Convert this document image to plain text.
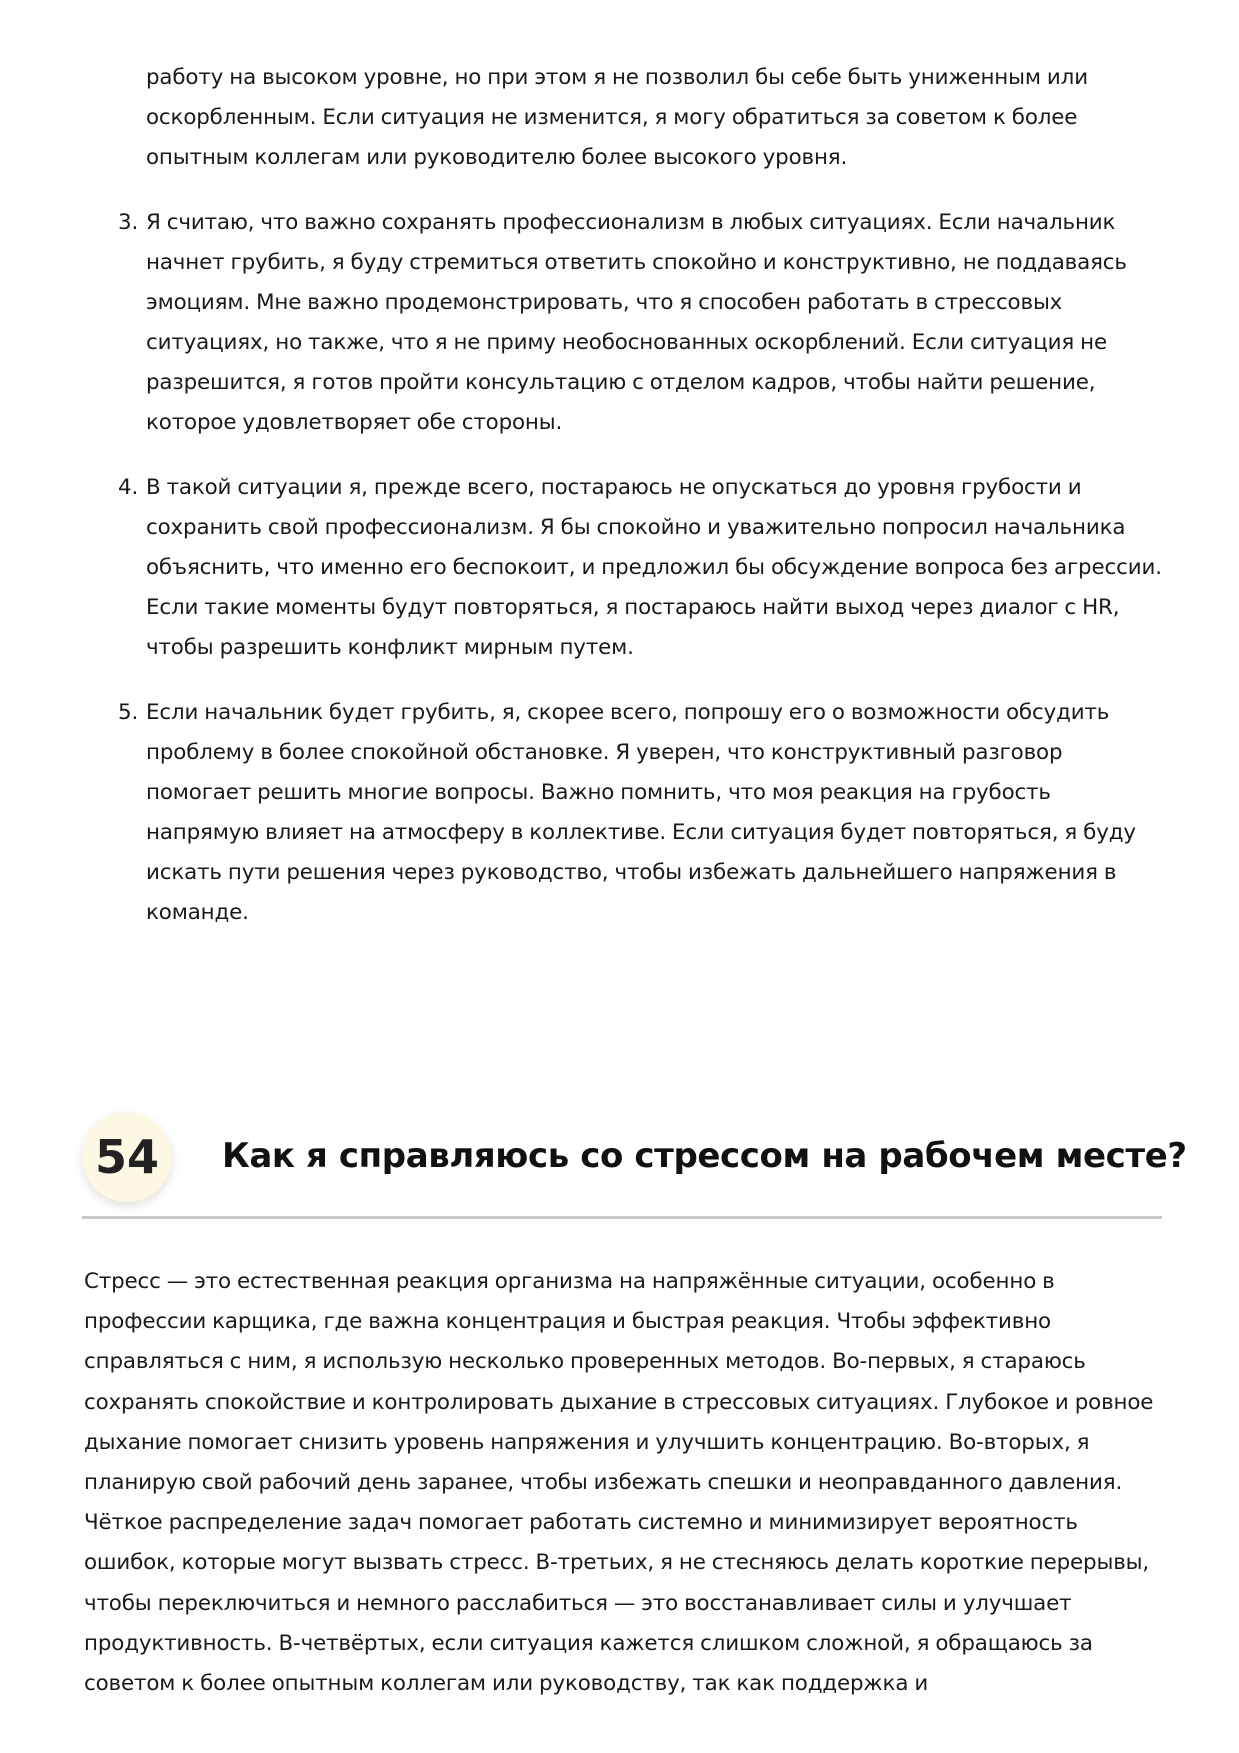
работу на высоком уровне, но при этом я не позволил бы себе быть униженным или оскорбленным. Если ситуация не изменится, я могу обратиться за советом к более опытным коллегам или руководителю более высокого уровня.
3. Я считаю, что важно сохранять профессионализм в любых ситуациях. Если начальник начнет грубить, я буду стремиться ответить спокойно и конструктивно, не поддаваясь эмоциям. Мне важно продемонстрировать, что я способен работать в стрессовых ситуациях, но также, что я не приму необоснованных оскорблений. Если ситуация не разрешится, я готов пройти консультацию с отделом кадров, чтобы найти решение, которое удовлетворяет обе стороны.
4. В такой ситуации я, прежде всего, постараюсь не опускаться до уровня грубости и сохранить свой профессионализм. Я бы спокойно и уважительно попросил начальника объяснить, что именно его беспокоит, и предложил бы обсуждение вопроса без агрессии. Если такие моменты будут повторяться, я постараюсь найти выход через диалог с HR, чтобы разрешить конфликт мирным путем.
5. Если начальник будет грубить, я, скорее всего, попрошу его о возможности обсудить проблему в более спокойной обстановке. Я уверен, что конструктивный разговор помогает решить многие вопросы. Важно помнить, что моя реакция на грубость напрямую влияет на атмосферу в коллективе. Если ситуация будет повторяться, я буду искать пути решения через руководство, чтобы избежать дальнейшего напряжения в команде.
54	Как я справляюсь со стрессом на рабочем месте?

Стресс — это естественная реакция организма на напряжённые ситуации, особенно в профессии карщика, где важна концентрация и быстрая реакция. Чтобы эффективно справляться с ним, я использую несколько проверенных методов. Во-первых, я стараюсь сохранять спокойствие и контролировать дыхание в стрессовых ситуациях. Глубокое и ровное дыхание помогает снизить уровень напряжения и улучшить концентрацию. Во-вторых, я планирую свой рабочий день заранее, чтобы избежать спешки и неоправданного давления. Чёткое распределение задач помогает работать системно и минимизирует вероятность ошибок, которые могут вызвать стресс. В-третьих, я не стесняюсь делать короткие перерывы, чтобы переключиться и немного расслабиться — это восстанавливает силы и улучшает продуктивность. В-четвёртых, если ситуация кажется слишком сложной, я обращаюсь за советом к более опытным коллегам или руководству, так как поддержка и
